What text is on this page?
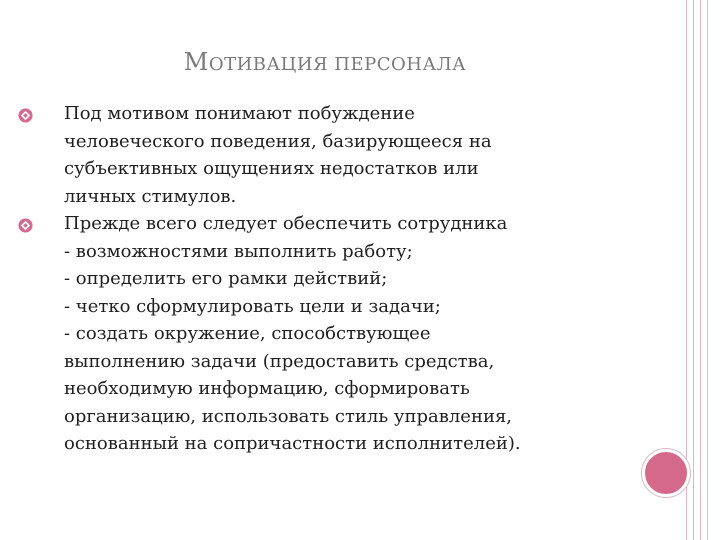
МОТИВАЦИЯ ПЕРСОНАЛА
Под мотивом понимают побуждение
человеческого поведения, базирующееся на
субъективных ощущениях недостатков или
личных стимулов.
Прежде всего следует обеспечить сотрудника
- возможностями выполнить работу;
- определить его рамки действий;
- четко сформулировать цели и задачи;
- создать окружение, способствующее
выполнению задачи (предоставить средства,
необходимую информацию, сформировать
организацию, использовать стиль управления,
основанный на сопричастности исполнителей).
